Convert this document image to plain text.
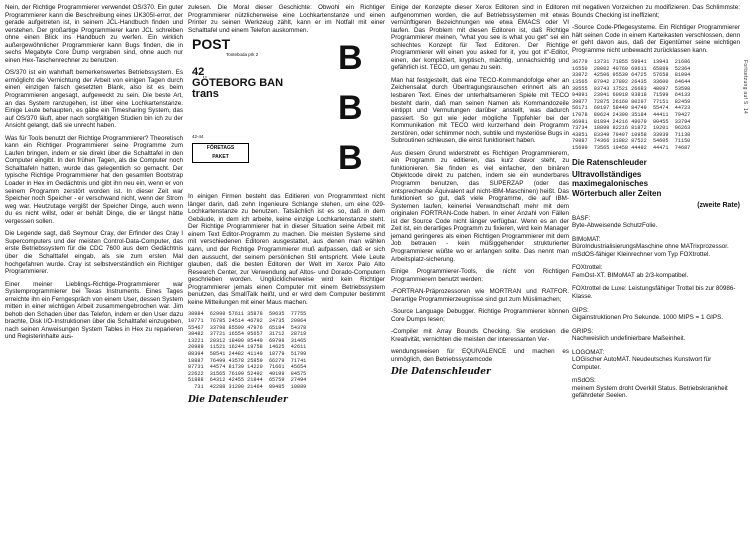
Nein, der Richtige Programmierer verwendet OS/370. Ein guter Programmierer kann die Beschreibung eines IJK305I-error, der gerade aufgetreten ist, in seinem JCL-Handbuch finden und verstehen. Der großartige Programmierer kann JCL schreiben ohne einen Blick ins Handbuch zu werfen. Ein wirklich außergewöhnlicher Programmierer kann Bugs finden, die in sechs Megabyte Core Dump vergraben sind, ohne auch nur einen Hex-Taschenrechner zu benutzen.

OS/370 ist ein wahrhaft bemerkenswertes Betriebssystem. Es ermöglicht die Vernichtung der Arbeit von einigen Tagen durch einen einzigen falsch gesetzten Blank, also ist es beim Programmieren angesagt, aufgeweckt zu sein. Die beste Art, an das System ranzugehen, ist über eine Lochkartenstanze. Einige Leute behaupten, es gäbe ein Timesharing System, das auf OS/370 läuft, aber nach sorgfältigen Studien bin ich zu der Ansicht gelangt, daß sie unrecht haben.

Was für Tools benutzt der Richtige Programmierer? Theoretisch kann ein Richtiger Programmierer seine Programme zum Laufen bringen, indem er sie direkt über die Schalttafel in den Computer eingibt. In den frühen Tagen, als die Computer noch Schalttafeln hatten, wurde das gelegentlich so gemacht. Der typische Richtige Programmierer hat den gesamten Bootstrap Loader in Hex im Gedächtnis und gibt ihn neu ein, wenn er von seinem Programm zerstört worden ist. In dieser Zeit war Speicher noch Speicher - er verschwand nicht, wenn der Strom weg war. Heutzutage vergißt der Speicher Dinge, auch wenn du es nicht willst, oder er behält Dinge, die er längst hätte vergessen sollen.

Die Legende sagt, daß Seymour Cray, der Erfinder des Cray I Supercomputers und der meisten Control-Data-Computer, das erste Betriebssystem für die CDC 7600 aus dem Gedächtnis über die Schalttafel eingab, als sie zum ersten Mal hochgefahren wurde. Cray ist selbstverständlich ein Richtiger Programmierer.

Einer meiner Lieblings-Richtige-Programmierer war Systemprogrammierer bei Texas Instruments. Eines Tages erreichte ihn ein Ferngespräch von einem User, dessen System mitten in einer wichtigen Arbeit zusammengebrochen war. Jim behob den Schaden über das Telefon, indem er den User dazu brachte, Disk I/O-Instruktionen über die Schalttafel einzugeben, nach seinen Anweisungen System Tables in Hex zu reparieren und Registerinhalte aus-

zulesen. Die Moral dieser Geschichte: Obwohl ein Richtiger Programmierer nützlicherweise eine Lochkartenstanze und einen Printer zu seinen Werkzeug zählt, kann er im Notfall mit einer Schalttafel und einem Telefon auskommen.

POST
Tonteboda prk 2
42
GÖTEBORG BAN
trans
42-44
FÖRETAGS
PAKET
B
B
B

In einigen Firmen besteht das Editieren von Programmtext nicht länger darin, daß zehn Ingenieure Schlange stehen, um eine 029-Lochkartenstanze zu benutzen. Tatsächlich ist es so, daß in dem Gebäude, in dem ich arbeite, keine einzige Lochkartenstanze steht. Der Richtige Programmierer hat in dieser Situation seine Arbeit mit einem Text Editor-Programm zu machen. Die meisten Systeme sind mit verschiedenen Editoren ausgestattet, aus denen man wählen kann, und der Richtige Programmierer muß aufpassen, daß er sich den aussucht, der seinem persönlichen Stil entspricht. Viele Leute glauben, daß die besten Editoren der Welt im Xerox Palo Alto Research Center, zur Verwendung auf Altos- und Dorado-Computern geschrieben worden. Unglücklicherweise wird kein Richtiger Programmierer jemals einen Computer mit einem Betriebssystem benutzen, das SmallTalk heißt, und er wird dem Computer bestimmt keine Mitteilungen mit einer Maus machen.

38984  62998 57611 35878  59635  77755
10771  76785 24514 46792  24735  20964
55467  33798 85599 47976  65184  54378
38482  37721 16554 95657  31712  28719
13221  20312 18400 85449  69798  31465
20989  11521 16244 19758  14625  42611
88394  58541 24482 41149  18779  51799
18887  76499 43578 25859  66279  71741
87731  44574 81739 14220  71661  45654
22622  31565 76199 52492  49199  84575
51888  64312 42455 21844  65759  27494
731  42288 31200 21464  89485  10089
Die Datenschleuder

Einige der Konzepte dieser Xerox Editoren sind in Editoren aufgenommen worden, die auf Betriebssystemen mit etwas vernünftigeren Bezeichnungen wie etwa EMACS oder VI laufen. Das Problem mit diesen Editoren ist, daß Richtige Programmierer meinen, "what you see is what you get" sei ein schlechtes Konzept für Text Editoren. Der Richtige Programmierer will einen you asked for it, you got it"-Editor, einen, der kompliziert, kryptisch, mächtig, unnachsichtig und gefährlich ist. TECO, um genau zu sein.

Man hat festgestellt, daß eine TECO-Kommandofolge eher an Zeichensalat durch Übertragungsrauschen erinnert als an lesbaren Text. Eines der unterhaltsameren Spiele mit TECO besteht darin, daß man seinen Namen als Kommandozeile eintippt und Vermutungen darüber anstellt, was dadurch passiert. So gut wie jeder mögliche Tippfehler bei der Kommunikation mit TECO wird kurzerhand dein Programm zerstören, oder schlimmer noch, subtile und mysteriöse Bugs in Subroutinen schleusen, die einst funktioniert haben.

Aus diesem Grund widerstrebt es Richtigen Programmierern, ein Programm zu editieren, das kurz davor steht, zu funktionieren. Sie finden es viel einfacher, den binären Objektcode direkt zu patchen, indem sie ein wunderbares Programm benutzen, das SUPERZAP (oder das entsprechende Äquivalent auf nicht-IBM-Maschinen) heißt. Das funktioniert so gut, daß viele Programme, die auf IBM-Systemen laufen, keinerlei Verwandtschaft mehr mit dem originalen FORTRAN-Code haben. In einer Anzahl von Fällen ist der Source Code nicht länger verfügbar. Wenn es an der Zeit ist, ein derartiges Programm zu fixieren, wird kein Manager jemand geringeres als einen Richtigen Programmierer mit dem Job betrauen - kein müßiggehender strukturierter Programmierer wüßte wo er anfangen sollte. Das nennt man Arbeitsplatz-sicherung.

Einige Programmierer-Tools, die nicht von Richtigen Programmierern benutzt werden:

-FORTRAN-Präprozessoren wie MORTRAN und RATFOR. Derartige Programmierzeugnisse sind gut zum Müslimachen;

-Source Language Debugger. Richtige Programmierer können Core Dumps lesen;

-Compiler mit Array Bounds Checking. Sie ersticken die Kreativität, vernichten die meisten der interessanten Ver-

wendungsweisen für EQUIVALENCE und machen es unmöglich, den Betriebssystemcode

Die Datenschleuder

mit negativen Vorzeichen zu modifizieren. Das Schlimmste: Bounds Checking ist ineffizient;

-Source Code-Pflegesysteme. Ein Richtiger Programmierer hält seinen Code in einem Karteikasten verschlossen, denn er geht davon aus, daß der Eigentümer seine wichtigen Programme nicht unbewacht zurücklassen kann.

36779  13731 71855 59941  13943  21686
16550  28082 40760 69611  65889  52364
33872  42506 95539 64725  57658  81094
13565  87942 27892 26435  33600  64644
39555  03743 17521 26683  48097  53598
94891  23941 60918 93818  71599  64133
39877  72875 26160 80297  77151  82459
56171  60197 58449 84749  55474  44723
17078  80624 24390 35184  44411  79427
36981  81894 24216 48079  80455  33794
73734  18898 82216 81872  19201  96263
43851  83349 79497 10958  33939  71138
79887  74366 31882 87522  54605  71150
15699  73565 19458 44492  44471  74687
Die Ratenschleuder
Ultravollständiges
maximegalonisches
Wörterbuch aller Zeiten
(zweite Rate)
BASF:
Byte-Abweisende SchutzFolie.
BIMoMAT:
BüroIndustrialisierungsMaschine ohne MATrixprozessor.
mSdOS-fähiger Kleinrechner vom Typ FOXtrottel.
FOXtrottel:
FemOst-XT. BIMoMAT ab 2/3-kompatibel.
FOXtrottel de Luxe: Leistungsfähiger Trottel bis zur 80986-Klasse.
GIPS:
Gigainstruktionen Pro Sekunde. 1000 MIPS = 1 GIPS.
GRIPS:
Nachweislich undefinierbare Maßeinheit.
LOGOMAT:
LOGischer AutoMAT. Neudeutsches Kunstwort für Computer.
mSdOS:
meinem System droht Overkill Status. Betriebskrankheit gefährdeter Seelen.
Fortsetzung auf S. 14
